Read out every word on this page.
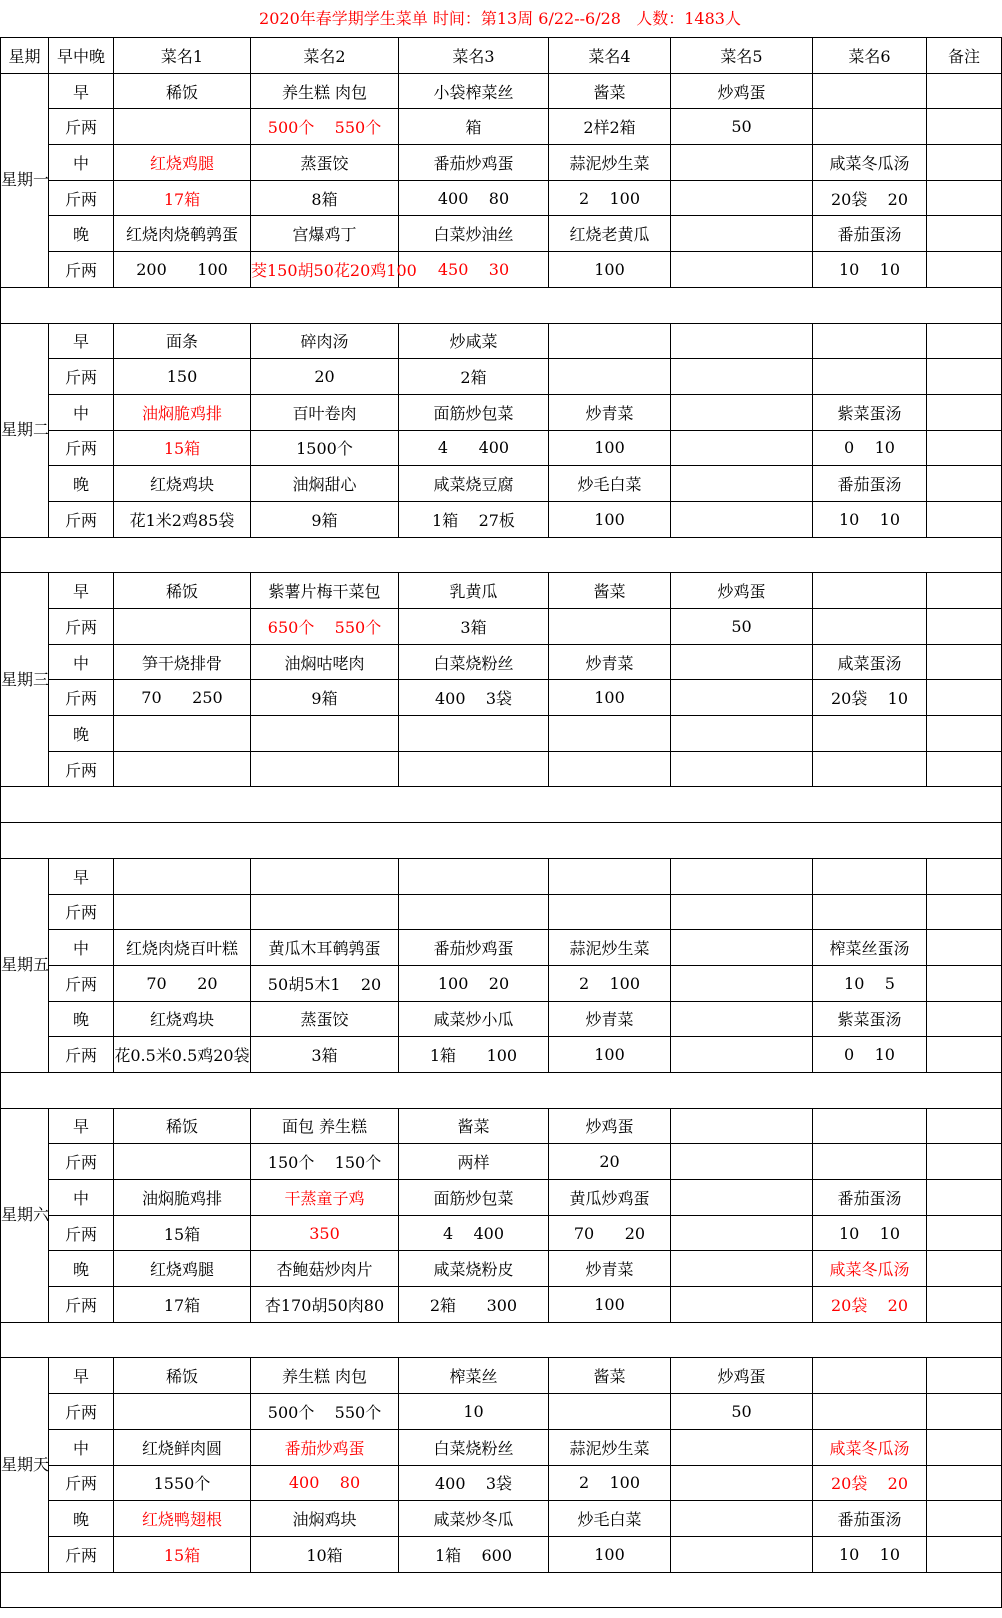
2020年春学期学生菜单 时间：第13周 6/22--6/28   人数：1483人
星期	早中晚	菜名1	菜名2	菜名3	菜名4	菜名5	菜名6	备注
星期一	早	稀饭	养生糕 肉包	小袋榨菜丝	酱菜	炒鸡蛋		
	斤两		500个    550个	箱	2样2箱	50		
	中	红烧鸡腿	蒸蛋饺	番茄炒鸡蛋	蒜泥炒生菜		咸菜冬瓜汤	
	斤两	17箱	8箱	400    80	2    100		20袋    20	
	晚	红烧肉烧鹌鹑蛋	宫爆鸡丁	白菜炒油丝	红烧老黄瓜		番茄蛋汤	
	斤两	200      100	茭150胡50花20鸡100	450    30	100		10    10	

星期二	早	面条	碎肉汤	炒咸菜				
	斤两	150	20	2箱				
	中	油焖脆鸡排	百叶卷肉	面筋炒包菜	炒青菜		紫菜蛋汤	
	斤两	15箱	1500个	4      400	100		0    10	
	晚	红烧鸡块	油焖甜心	咸菜烧豆腐	炒毛白菜		番茄蛋汤	
	斤两	花1米2鸡85袋	9箱	1箱    27板	100		10    10	

星期三	早	稀饭	紫薯片梅干菜包	乳黄瓜	酱菜	炒鸡蛋		
	斤两		650个    550个	3箱		50		
	中	笋干烧排骨	油焖咕咾肉	白菜烧粉丝	炒青菜		咸菜蛋汤	
	斤两	70      250	9箱	400    3袋	100		20袋    10	
	晚							
	斤两							

星期五	早							
	斤两							
	中	红烧肉烧百叶糕	黄瓜木耳鹌鹑蛋	番茄炒鸡蛋	蒜泥炒生菜		榨菜丝蛋汤	
	斤两	70      20	50胡5木1    20	100    20	2    100		10    5	
	晚	红烧鸡块	蒸蛋饺	咸菜炒小瓜	炒青菜		紫菜蛋汤	
	斤两	花0.5米0.5鸡20袋	3箱	1箱      100	100		0    10	

星期六	早	稀饭	面包 养生糕	酱菜	炒鸡蛋			
	斤两		150个    150个	两样	20			
	中	油焖脆鸡排	干蒸童子鸡	面筋炒包菜	黄瓜炒鸡蛋		番茄蛋汤	
	斤两	15箱	350	4    400	70      20		10    10	
	晚	红烧鸡腿	杏鲍菇炒肉片	咸菜烧粉皮	炒青菜		咸菜冬瓜汤	
	斤两	17箱	杏170胡50肉80	2箱      300	100		20袋    20	

星期天	早	稀饭	养生糕 肉包	榨菜丝	酱菜	炒鸡蛋		
	斤两		500个    550个	10		50		
	中	红烧鲜肉圆	番茄炒鸡蛋	白菜烧粉丝	蒜泥炒生菜		咸菜冬瓜汤	
	斤两	1550个	400    80	400    3袋	2    100		20袋    20	
	晚	红烧鸭翅根	油焖鸡块	咸菜炒冬瓜	炒毛白菜		番茄蛋汤	
	斤两	15箱	10箱	1箱    600	100		10    10	
